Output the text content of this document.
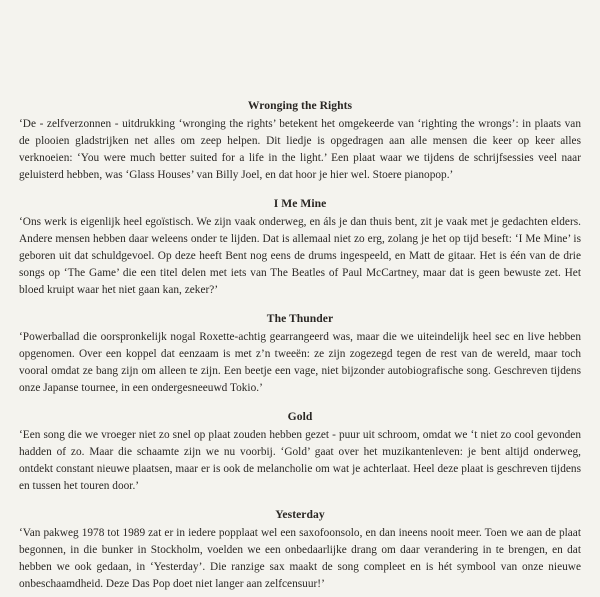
Wronging the Rights

‘De - zelfverzonnen - uitdrukking ‘wronging the rights’ betekent het omgekeerde van ‘righting the wrongs’: in plaats van de plooien gladstrijken net alles om zeep helpen. Dit liedje is opgedragen aan alle mensen die keer op keer alles verknoeien: ‘You were much better suited for a life in the light.’ Een plaat waar we tijdens de schrijfsessies veel naar geluisterd hebben, was ‘Glass Houses’ van Billy Joel, en dat hoor je hier wel. Stoere pianopop.’

I Me Mine

‘Ons werk is eigenlijk heel egoïstisch. We zijn vaak onderweg, en áls je dan thuis bent, zit je vaak met je gedachten elders. Andere mensen hebben daar weleens onder te lijden. Dat is allemaal niet zo erg, zolang je het op tijd beseft: ‘I Me Mine’ is geboren uit dat schuldgevoel. Op deze heeft Bent nog eens de drums ingespeeld, en Matt de gitaar. Het is één van de drie songs op ‘The Game’ die een titel delen met iets van The Beatles of Paul McCartney, maar dat is geen bewuste zet. Het bloed kruipt waar het niet gaan kan, zeker?’

The Thunder

‘Powerballad die oorspronkelijk nogal Roxette-achtig gearrangeerd was, maar die we uiteindelijk heel sec en live hebben opgenomen. Over een koppel dat eenzaam is met z’n tweeën: ze zijn zogezegd tegen de rest van de wereld, maar toch vooral omdat ze bang zijn om alleen te zijn. Een beetje een vage, niet bijzonder autobiografische song. Geschreven tijdens onze Japanse tournee, in een ondergesneeuwd Tokio.’

Gold

‘Een song die we vroeger niet zo snel op plaat zouden hebben gezet - puur uit schroom, omdat we ‘t niet zo cool gevonden hadden of zo. Maar die schaamte zijn we nu voorbij. ‘Gold’ gaat over het muzikantenleven: je bent altijd onderweg, ontdekt constant nieuwe plaatsen, maar er is ook de melancholie om wat je achterlaat. Heel deze plaat is geschreven tijdens en tussen het touren door.’

Yesterday

‘Van pakweg 1978 tot 1989 zat er in iedere popplaat wel een saxofoonsolo, en dan ineens nooit meer. Toen we aan de plaat begonnen, in die bunker in Stockholm, voelden we een onbedaarlijke drang om daar verandering in te brengen, en dat hebben we ook gedaan, in ‘Yesterday’. Die ranzige sax maakt de song compleet en is hét symbool van onze nieuwe onbeschaamdheid. Deze Das Pop doet niet langer aan zelfcensuur!’
